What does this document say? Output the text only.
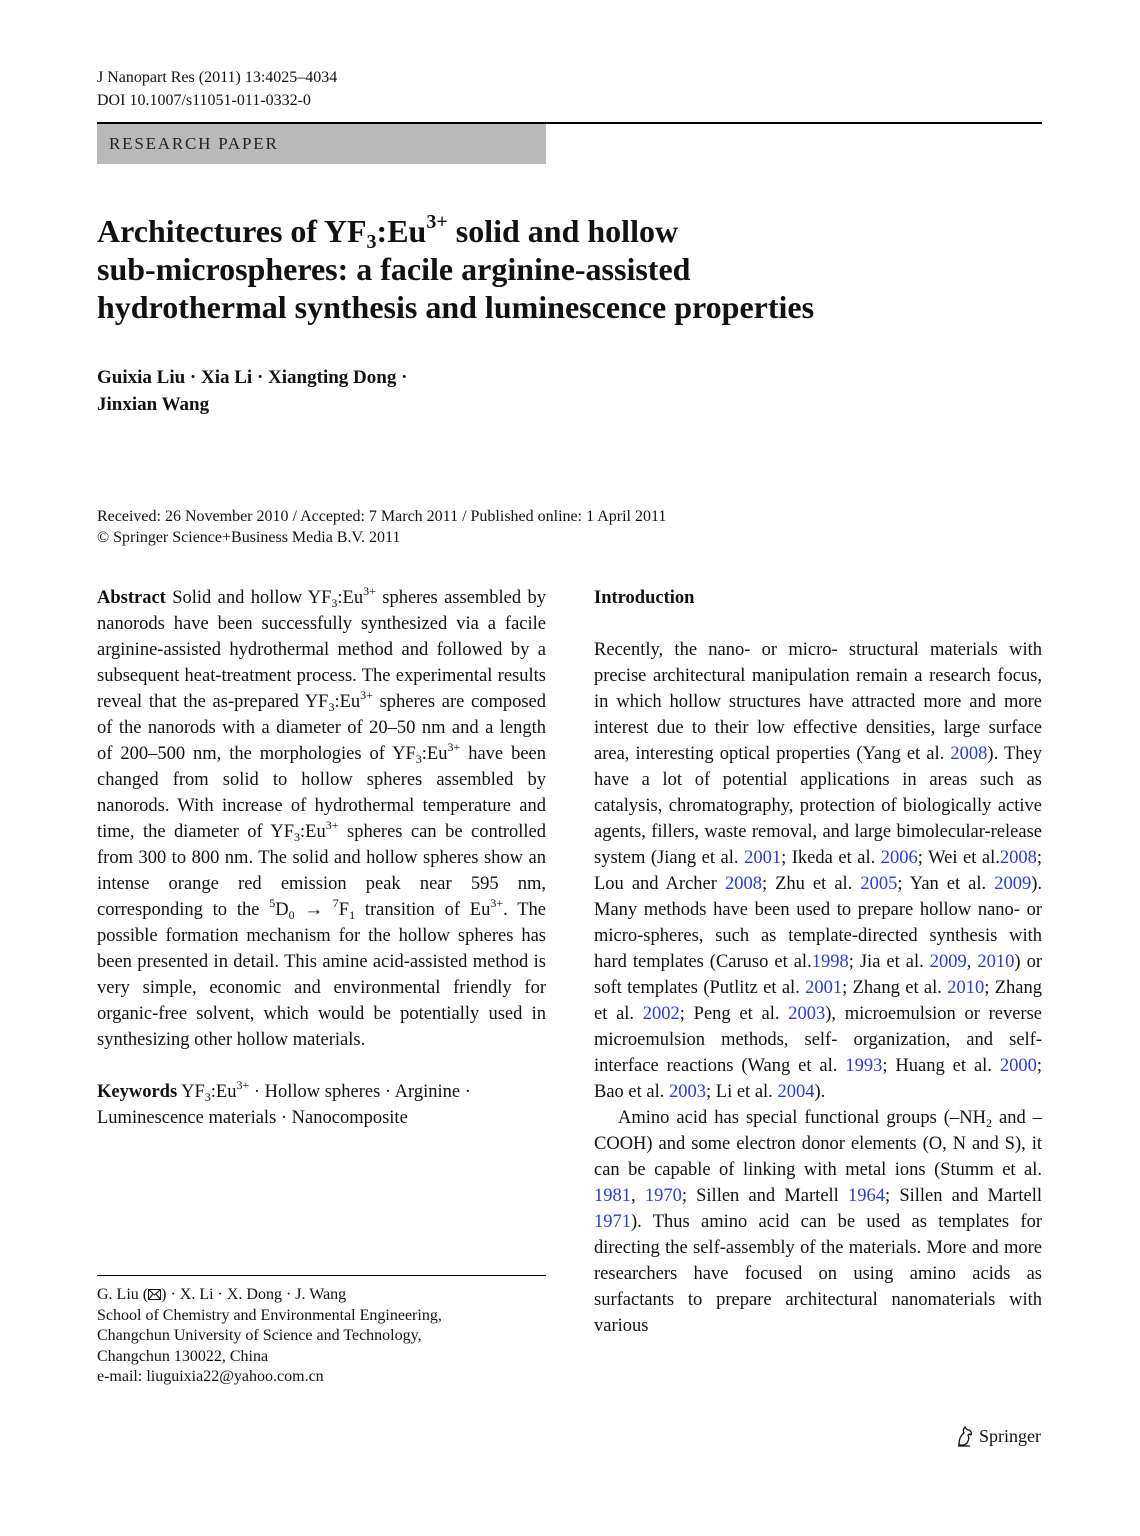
J Nanopart Res (2011) 13:4025–4034
DOI 10.1007/s11051-011-0332-0
RESEARCH PAPER
Architectures of $YF_3:Eu^{3+}$ solid and hollow
sub-microspheres: a facile arginine-assisted
hydrothermal synthesis and luminescence properties
Guixia Liu · Xia Li · Xiangting Dong ·
Jinxian Wang
Received: 26 November 2010 / Accepted: 7 March 2011 / Published online: 1 April 2011
© Springer Science+Business Media B.V. 2011

Abstract Solid and hollow $YF_3:Eu^{3+}$ spheres assembled by nanorods have been successfully synthesized via a facile arginine-assisted hydrothermal method and followed by a subsequent heat-treatment process. The experimental results reveal that the as-prepared $YF_3:Eu^{3+}$ spheres are composed of the nanorods with a diameter of 20–50 nm and a length of 200–500 nm, the morphologies of $YF_3:Eu^{3+}$ have been changed from solid to hollow spheres assembled by nanorods. With increase of hydrothermal temperature and time, the diameter of $YF_3:Eu^{3+}$ spheres can be controlled from 300 to 800 nm. The solid and hollow spheres show an intense orange red emission peak near 595 nm, corresponding to the $^5D_0 \to ^7F_1$ transition of $Eu^{3+}$. The possible formation mechanism for the hollow spheres has been presented in detail. This amine acid-assisted method is very simple, economic and environmental friendly for organic-free solvent, which would be potentially used in synthesizing other hollow materials.

Keywords $YF_3:Eu^{3+}$ · Hollow spheres · Arginine · Luminescence materials · Nanocomposite

G. Liu ( ) · X. Li · X. Dong · J. Wang
School of Chemistry and Environmental Engineering,
Changchun University of Science and Technology,
Changchun 130022, China
e-mail: liuguixia22@yahoo.com.cn

Introduction

Recently, the nano- or micro- structural materials with precise architectural manipulation remain a research focus, in which hollow structures have attracted more and more interest due to their low effective densities, large surface area, interesting optical properties (Yang et al. 2008). They have a lot of potential applications in areas such as catalysis, chromatography, protection of biologically active agents, fillers, waste removal, and large bimolecular-release system (Jiang et al. 2001; Ikeda et al. 2006; Wei et al.2008; Lou and Archer 2008; Zhu et al. 2005; Yan et al. 2009). Many methods have been used to prepare hollow nano- or micro-spheres, such as template-directed synthesis with hard templates (Caruso et al.1998; Jia et al. 2009, 2010) or soft templates (Putlitz et al. 2001; Zhang et al. 2010; Zhang et al. 2002; Peng et al. 2003), microemulsion or reverse microemulsion methods, self- organization, and self-interface reactions (Wang et al. 1993; Huang et al. 2000; Bao et al. 2003; Li et al. 2004).

Amino acid has special functional groups ($-NH_2$ and –COOH) and some electron donor elements (O, N and S), it can be capable of linking with metal ions (Stumm et al. 1981, 1970; Sillen and Martell 1964; Sillen and Martell 1971). Thus amino acid can be used as templates for directing the self-assembly of the materials. More and more researchers have focused on using amino acids as surfactants to prepare architectural nanomaterials with various

Springer
